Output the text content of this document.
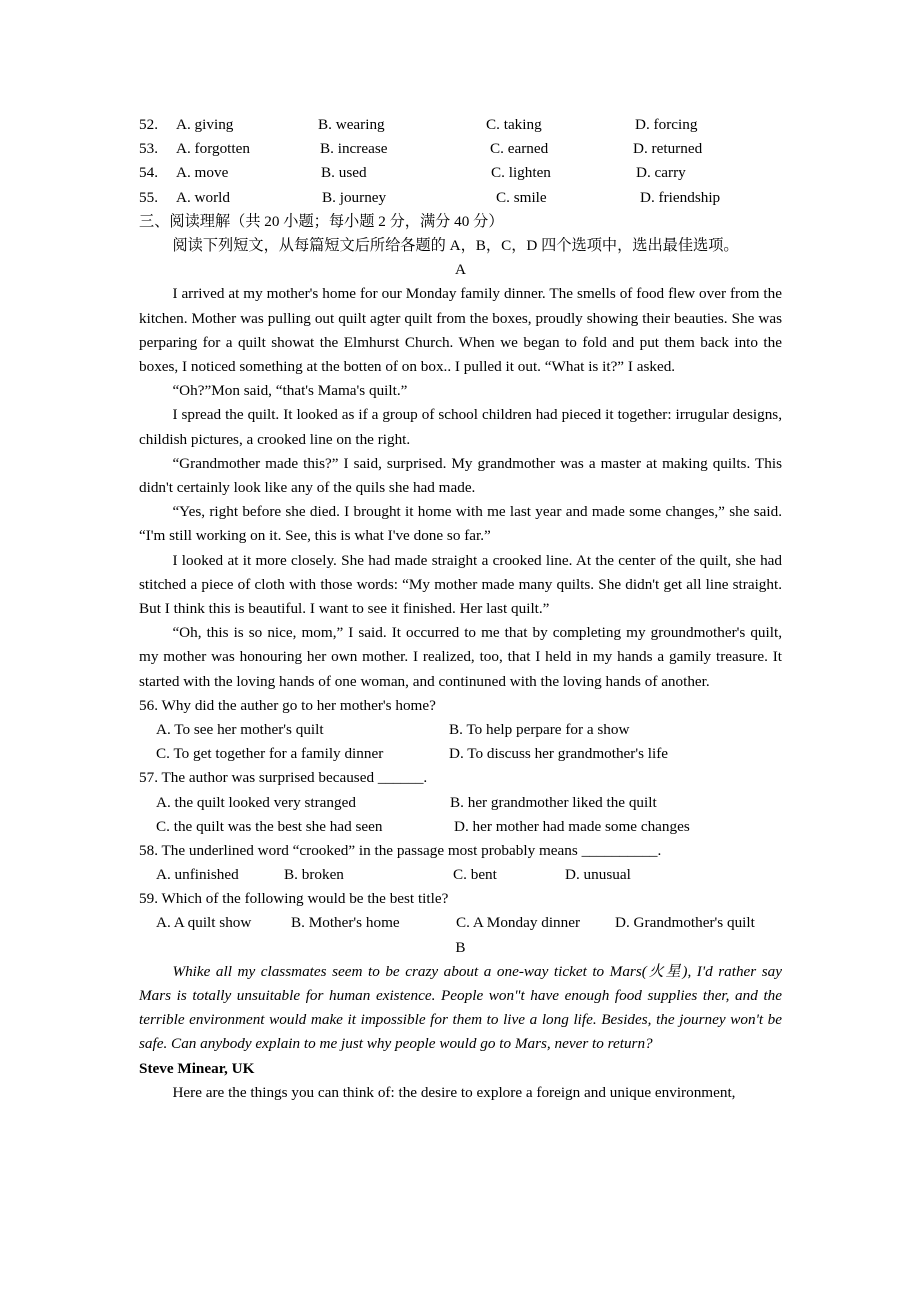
52. A. giving	B. wearing	C. taking	D. forcing
53. A. forgotten	B. increase	C. earned	D. returned
54. A. move	B. used	C. lighten	D. carry
55. A. world	B. journey	C. smile	D. friendship
三、阅读理解（共 20 小题；每小题 2 分，满分 40 分）
阅读下列短文，从每篇短文后所给各题的 A，B，C，D 四个选项中，选出最佳选项。
A

I arrived at my mother's home for our Monday family dinner. The smells of food flew over from the kitchen. Mother was pulling out quilt agter quilt from the boxes, proudly showing their beauties. She was perparing for a quilt showat the Elmhurst Church. When we began to fold and put them back into the boxes, I noticed something at the botten of on box.. I pulled it out. “What is it?” I asked.

“Oh?”Mon said, “that's Mama's quilt.”

I spread the quilt. It looked as if a group of school children had pieced it together: irrugular designs, childish pictures, a crooked line on the right.

“Grandmother made this?” I said, surprised. My grandmother was a master at making quilts. This didn't certainly look like any of the quils she had made.

“Yes, right before she died. I brought it home with me last year and made some changes,” she said. “I'm still working on it. See, this is what I've done so far.”

I looked at it more closely. She had made straight a crooked line. At the center of the quilt, she had stitched a piece of cloth with those words: “My mother made many quilts. She didn't get all line straight. But I think this is beautiful. I want to see it finished. Her last quilt.”

“Oh, this is so nice, mom,” I said. It occurred to me that by completing my groundmother's quilt, my mother was honouring her own mother. I realized, too, that I held in my hands a gamily treasure. It started with the loving hands of one woman, and continuned with the loving hands of another.

56. Why did the auther go to her mother's home?
A. To see her mother's quilt	B. To help perpare for a show
C. To get together for a family dinner	D. To discuss her grandmother's life
57. The author was surprised becaused ______.
A. the quilt looked very stranged	B. her grandmother liked the quilt
C. the quilt was the best she had seen	D. her mother had made some changes
58. The underlined word “crooked” in the passage most probably means __________.
A. unfinished	B. broken	C. bent	D. unusual
59. Which of the following would be the best title?
A. A quilt show	B. Mother's home	C. A Monday dinner D. Grandmother's quilt
B

Whike all my classmates seem to be crazy about a one-way ticket to Mars(火星), I'd rather say Mars is totally unsuitable for human existence. People won"t have enough food supplies ther, and the terrible environment would make it impossible for them to live a long life. Besides, the journey won't be safe. Can anybody explain to me just why people would go to Mars, never to return?

Steve Minear, UK

Here are the things you can think of: the desire to explore a foreign and unique environment,
